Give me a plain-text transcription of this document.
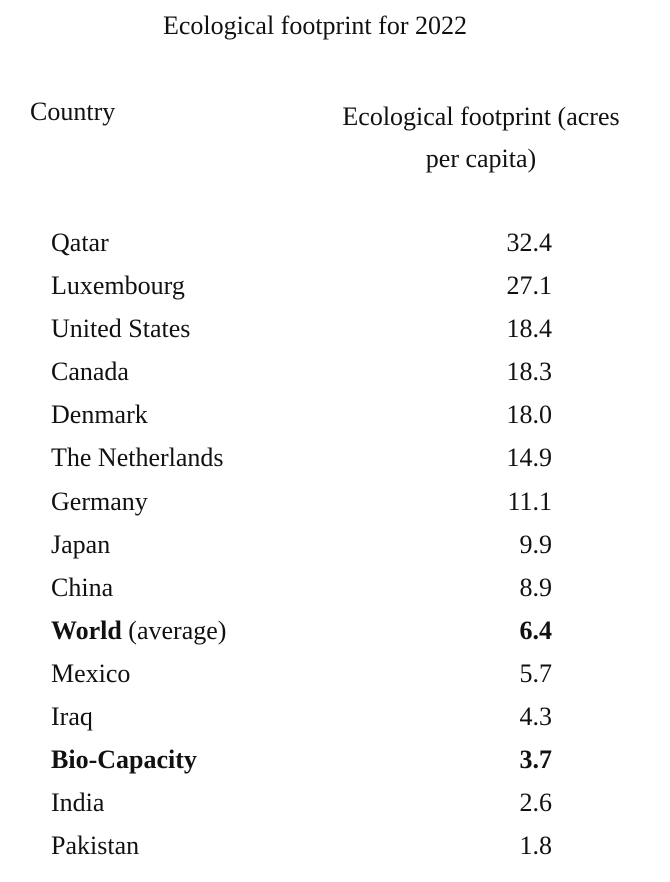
Ecological footprint for 2022
Country	Ecological footprint (acres
per capita)
Qatar	32.4
Luxembourg	27.1
United States	18.4
Canada	18.3
Denmark	18.0
The Netherlands	14.9
Germany	11.1
Japan	9.9
China	8.9
World (average)	6.4
Mexico	5.7
Iraq	4.3
Bio-Capacity	3.7
India	2.6
Pakistan	1.8
